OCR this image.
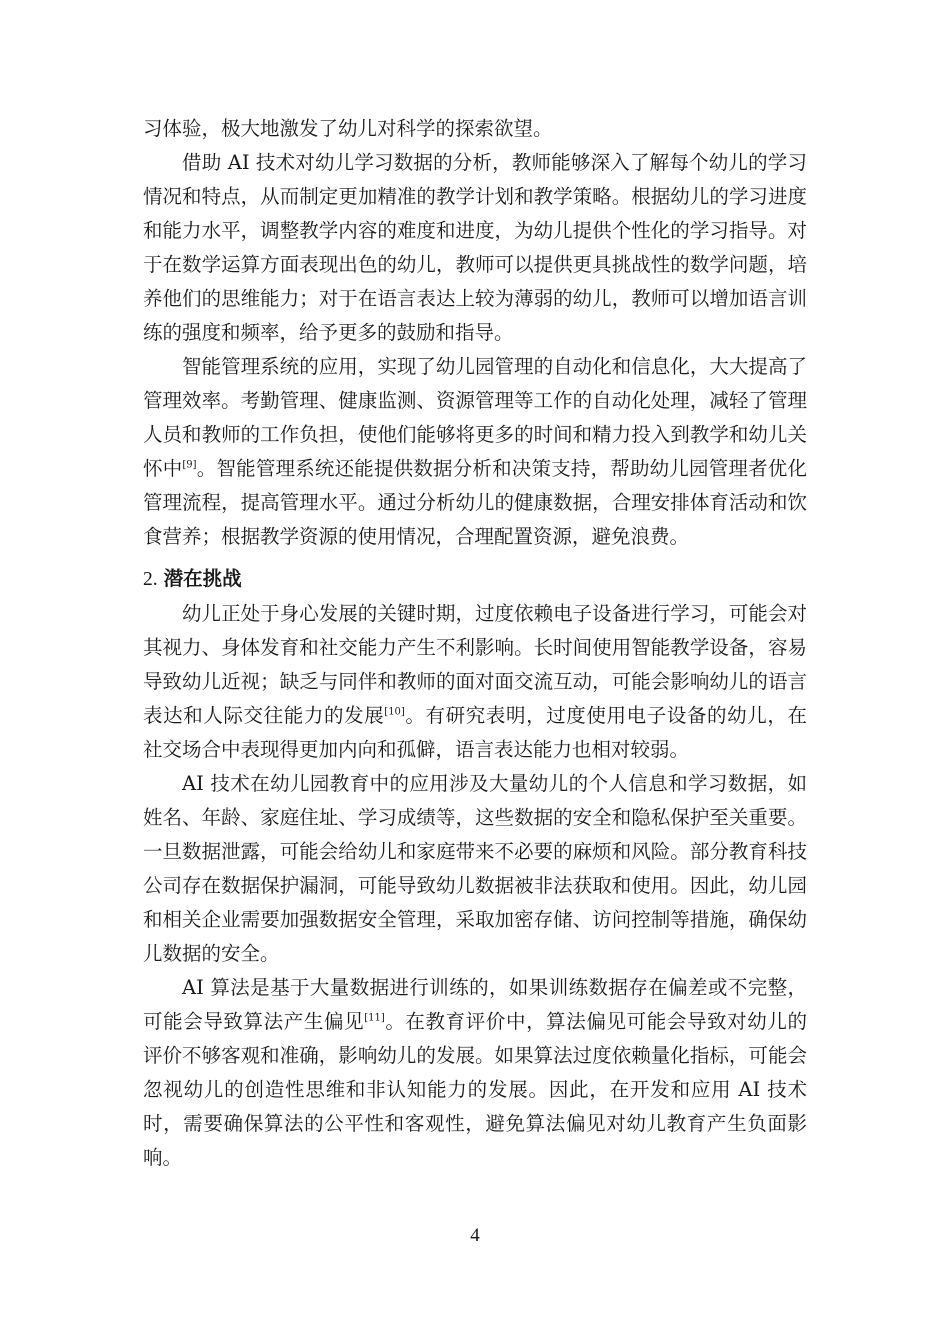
习体验，极大地激发了幼儿对科学的探索欲望。

借助 AI 技术对幼儿学习数据的分析，教师能够深入了解每个幼儿的学习情况和特点，从而制定更加精准的教学计划和教学策略。根据幼儿的学习进度和能力水平，调整教学内容的难度和进度，为幼儿提供个性化的学习指导。对于在数学运算方面表现出色的幼儿，教师可以提供更具挑战性的数学问题，培养他们的思维能力；对于在语言表达上较为薄弱的幼儿，教师可以增加语言训练的强度和频率，给予更多的鼓励和指导。

智能管理系统的应用，实现了幼儿园管理的自动化和信息化，大大提高了管理效率。考勤管理、健康监测、资源管理等工作的自动化处理，减轻了管理人员和教师的工作负担，使他们能够将更多的时间和精力投入到教学和幼儿关怀中[9]。智能管理系统还能提供数据分析和决策支持，帮助幼儿园管理者优化管理流程，提高管理水平。通过分析幼儿的健康数据，合理安排体育活动和饮食营养；根据教学资源的使用情况，合理配置资源，避免浪费。

2. 潜在挑战

幼儿正处于身心发展的关键时期，过度依赖电子设备进行学习，可能会对其视力、身体发育和社交能力产生不利影响。长时间使用智能教学设备，容易导致幼儿近视；缺乏与同伴和教师的面对面交流互动，可能会影响幼儿的语言表达和人际交往能力的发展[10]。有研究表明，过度使用电子设备的幼儿，在社交场合中表现得更加内向和孤僻，语言表达能力也相对较弱。

AI 技术在幼儿园教育中的应用涉及大量幼儿的个人信息和学习数据，如姓名、年龄、家庭住址、学习成绩等，这些数据的安全和隐私保护至关重要。一旦数据泄露，可能会给幼儿和家庭带来不必要的麻烦和风险。部分教育科技公司存在数据保护漏洞，可能导致幼儿数据被非法获取和使用。因此，幼儿园和相关企业需要加强数据安全管理，采取加密存储、访问控制等措施，确保幼儿数据的安全。

AI 算法是基于大量数据进行训练的，如果训练数据存在偏差或不完整，可能会导致算法产生偏见[11]。在教育评价中，算法偏见可能会导致对幼儿的评价不够客观和准确，影响幼儿的发展。如果算法过度依赖量化指标，可能会忽视幼儿的创造性思维和非认知能力的发展。因此，在开发和应用 AI 技术时，需要确保算法的公平性和客观性，避免算法偏见对幼儿教育产生负面影响。

4
